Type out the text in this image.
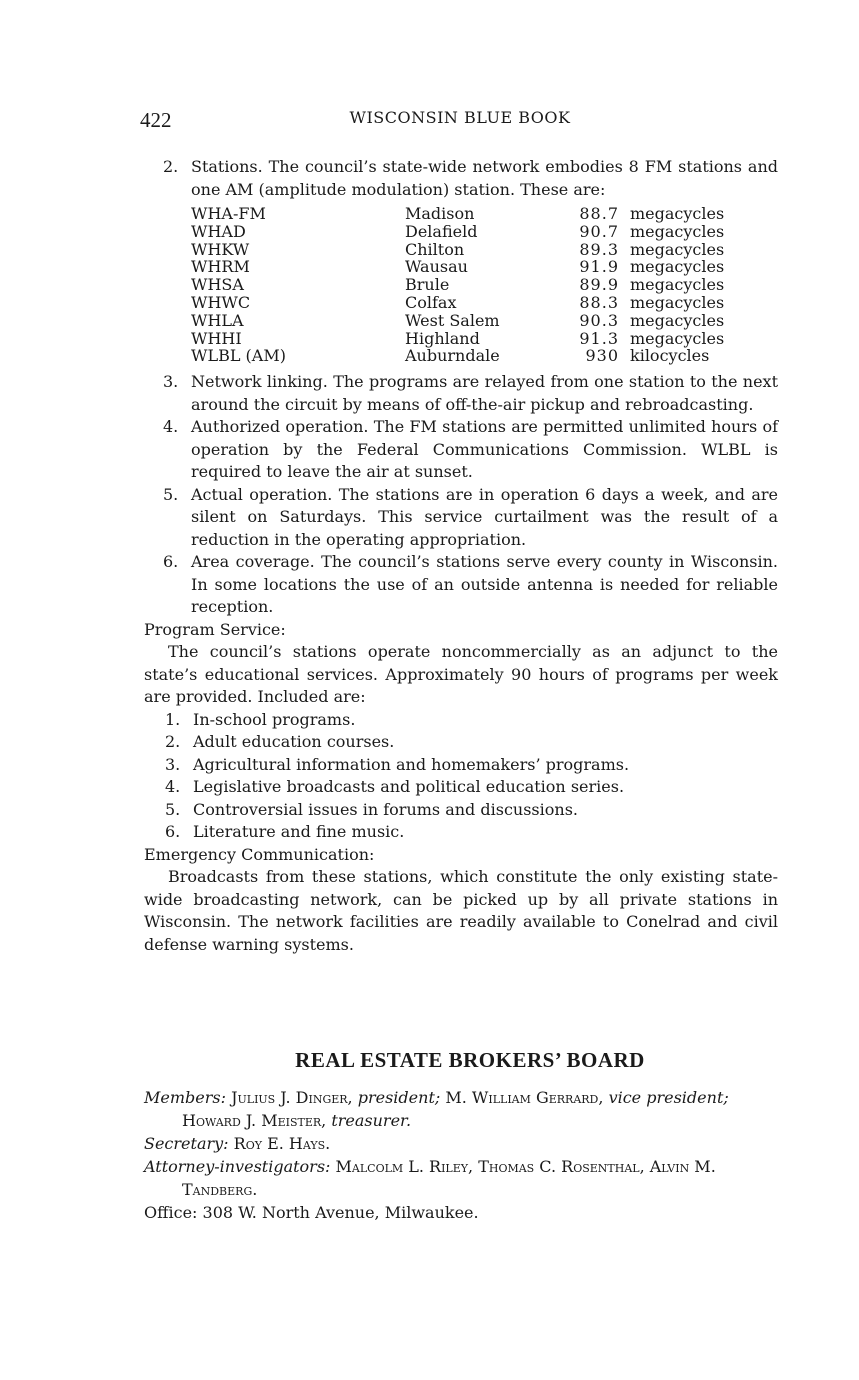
422	WISCONSIN BLUE BOOK
2. Stations. The council’s state-wide network embodies 8 FM stations and one AM (amplitude modulation) station. These are:
WHA-FM	Madison	88.7	megacycles
WHAD	Delafield	90.7	megacycles
WHKW	Chilton	89.3	megacycles
WHRM	Wausau	91.9	megacycles
WHSA	Brule	89.9	megacycles
WHWC	Colfax	88.3	megacycles
WHLA	West Salem	90.3	megacycles
WHHI	Highland	91.3	megacycles
WLBL (AM)	Auburndale	930	kilocycles
3. Network linking. The programs are relayed from one station to the next around the circuit by means of off-the-air pickup and rebroadcasting.
4. Authorized operation. The FM stations are permitted unlimited hours of operation by the Federal Communications Commission. WLBL is required to leave the air at sunset.
5. Actual operation. The stations are in operation 6 days a week, and are silent on Saturdays. This service curtailment was the result of a reduction in the operating appropriation.
6. Area coverage. The council’s stations serve every county in Wisconsin. In some locations the use of an outside antenna is needed for reliable reception.
Program Service:
The council’s stations operate noncommercially as an adjunct to the state’s educational services. Approximately 90 hours of programs per week are provided. Included are:
1. In-school programs.
2. Adult education courses.
3. Agricultural information and homemakers’ programs.
4. Legislative broadcasts and political education series.
5. Controversial issues in forums and discussions.
6. Literature and fine music.
Emergency Communication:
Broadcasts from these stations, which constitute the only existing state-wide broadcasting network, can be picked up by all private stations in Wisconsin. The network facilities are readily available to Conelrad and civil defense warning systems.
REAL ESTATE BROKERS’ BOARD
Members: Julius J. Dinger, president; M. William Gerrard, vice president; Howard J. Meister, treasurer.
Secretary: Roy E. Hays.
Attorney-investigators: Malcolm L. Riley, Thomas C. Rosenthal, Alvin M. Tandberg.
Office: 308 W. North Avenue, Milwaukee.
